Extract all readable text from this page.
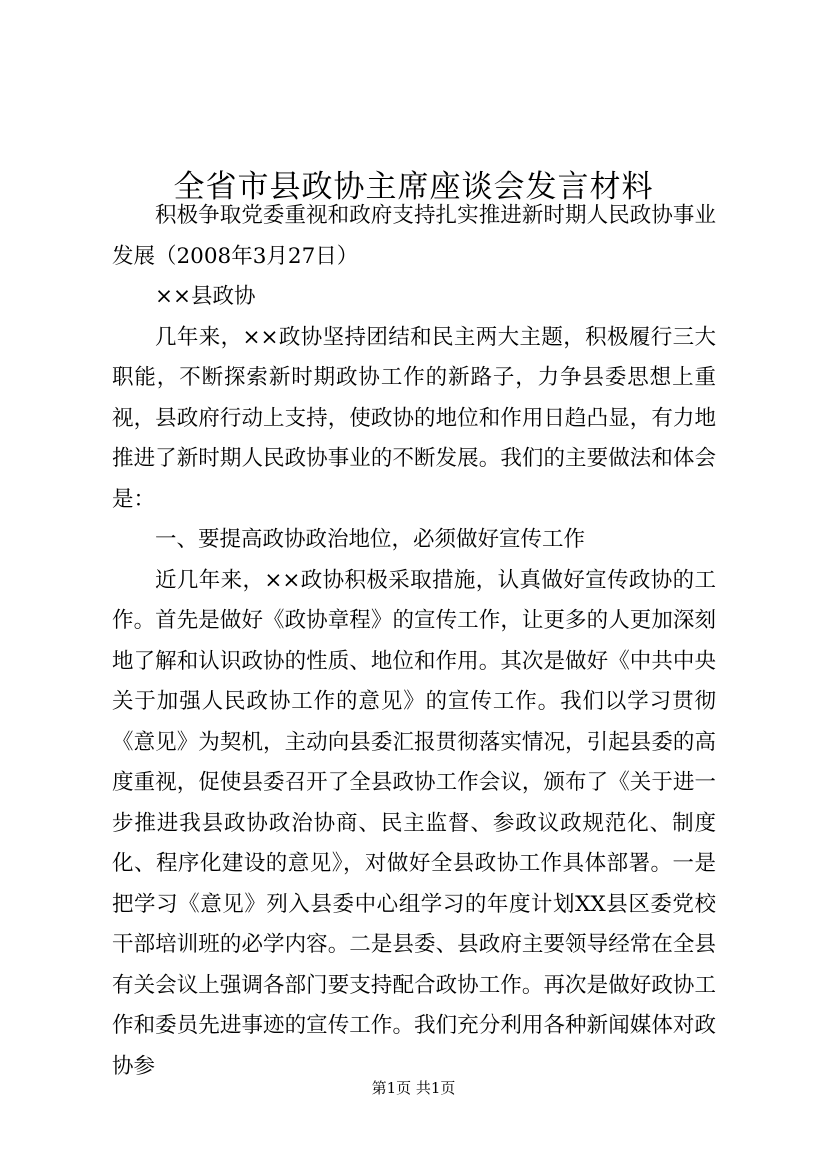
全省市县政协主席座谈会发言材料

积极争取党委重视和政府支持扎实推进新时期人民政协事业发展（2008年3月27日）

××县政协

几年来，××政协坚持团结和民主两大主题，积极履行三大职能，不断探索新时期政协工作的新路子，力争县委思想上重视，县政府行动上支持，使政协的地位和作用日趋凸显，有力地推进了新时期人民政协事业的不断发展。我们的主要做法和体会是：

一、要提高政协政治地位，必须做好宣传工作

近几年来，××政协积极采取措施，认真做好宣传政协的工作。首先是做好《政协章程》的宣传工作，让更多的人更加深刻地了解和认识政协的性质、地位和作用。其次是做好《中共中央关于加强人民政协工作的意见》的宣传工作。我们以学习贯彻《意见》为契机，主动向县委汇报贯彻落实情况，引起县委的高度重视，促使县委召开了全县政协工作会议，颁布了《关于进一步推进我县政协政治协商、民主监督、参政议政规范化、制度化、程序化建设的意见》，对做好全县政协工作具体部署。一是把学习《意见》列入县委中心组学习的年度计划XX县区委党校干部培训班的必学内容。二是县委、县政府主要领导经常在全县有关会议上强调各部门要支持配合政协工作。再次是做好政协工作和委员先进事迹的宣传工作。我们充分利用各种新闻媒体对政协参

第1页 共1页
